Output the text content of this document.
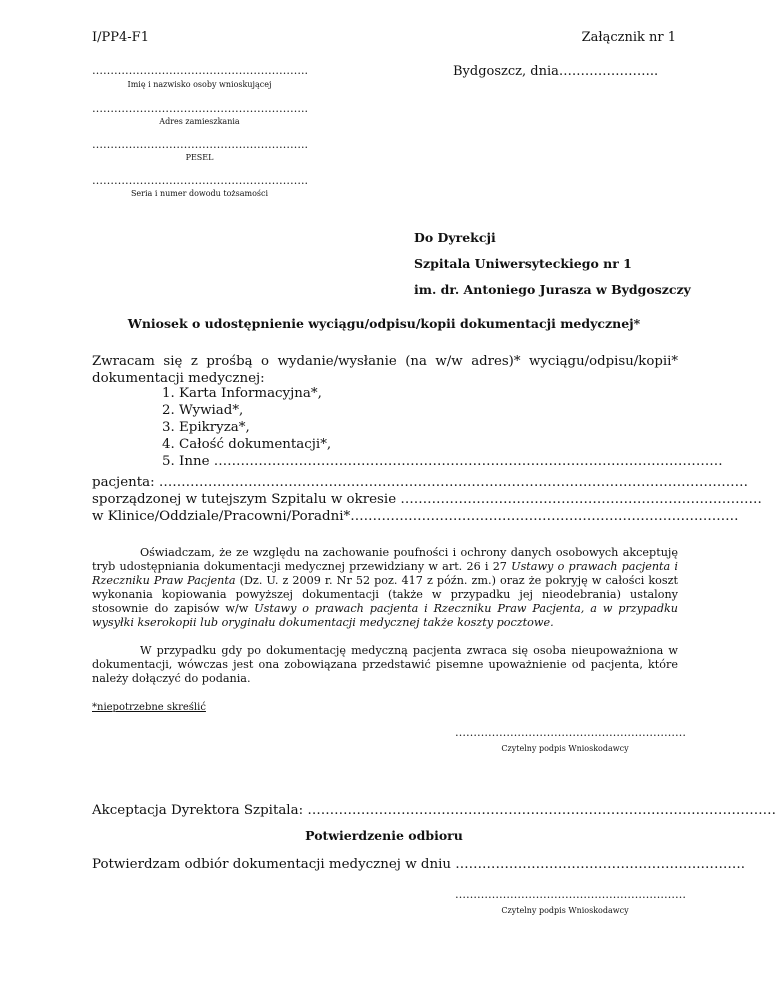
I/PP4-F1	Załącznik nr 1
…………………………………………………..
Imię i nazwisko osoby wnioskującej
Bydgoszcz, dnia…………………..
…………………………………………………..
Adres zamieszkania
…………………………………………………..
PESEL
…………………………………………………..
Seria i numer dowodu tożsamości
Do Dyrekcji
Szpitala Uniwersyteckiego nr 1
im. dr. Antoniego Jurasza w Bydgoszczy
Wniosek o udostępnienie wyciągu/odpisu/kopii dokumentacji medycznej*
Zwracam się z prośbą o wydanie/wysłanie (na w/w adres)* wyciągu/odpisu/kopii*
dokumentacji medycznej:
1. Karta Informacyjna*,
2. Wywiad*,
3. Epikryza*,
4. Całość dokumentacji*,
5. Inne ……………………………………………………………………………………………………
pacjenta: ……………………………………………………………………………………………………………………
sporządzonej w tutejszym Szpitalu w okresie ………………………………………………………………………
w Klinice/Oddziale/Pracowni/Poradni*……………………………………………………………………………
Oświadczam, że ze względu na zachowanie poufności i ochrony danych osobowych akceptuję tryb udostępniania dokumentacji medycznej przewidziany w art. 26 i 27 Ustawy o prawach pacjenta i Rzeczniku Praw Pacjenta (Dz. U. z 2009 r. Nr 52 poz. 417 z późn. zm.) oraz że pokryję w całości koszt wykonania kopiowania powyższej dokumentacji (także w przypadku jej nieodebrania) ustalony stosownie do zapisów w/w Ustawy o prawach pacjenta i Rzeczniku Praw Pacjenta, a w przypadku wysyłki kserokopii lub oryginału dokumentacji medycznej także koszty pocztowe.
W przypadku gdy po dokumentację medyczną pacjenta zwraca się osoba nieupoważniona w dokumentacji, wówczas jest ona zobowiązana przedstawić pisemne upoważnienie od pacjenta, które należy dołączyć do podania.
*niepotrzebne skreślić
………………………………………………………
Czytelny podpis Wnioskodawcy
Akceptacja Dyrektora Szpitala: ……………………………………………………………………………………………
Potwierdzenie odbioru
Potwierdzam odbiór dokumentacji medycznej w dniu ……………………………………………….……….
………………………………………………………
Czytelny podpis Wnioskodawcy
